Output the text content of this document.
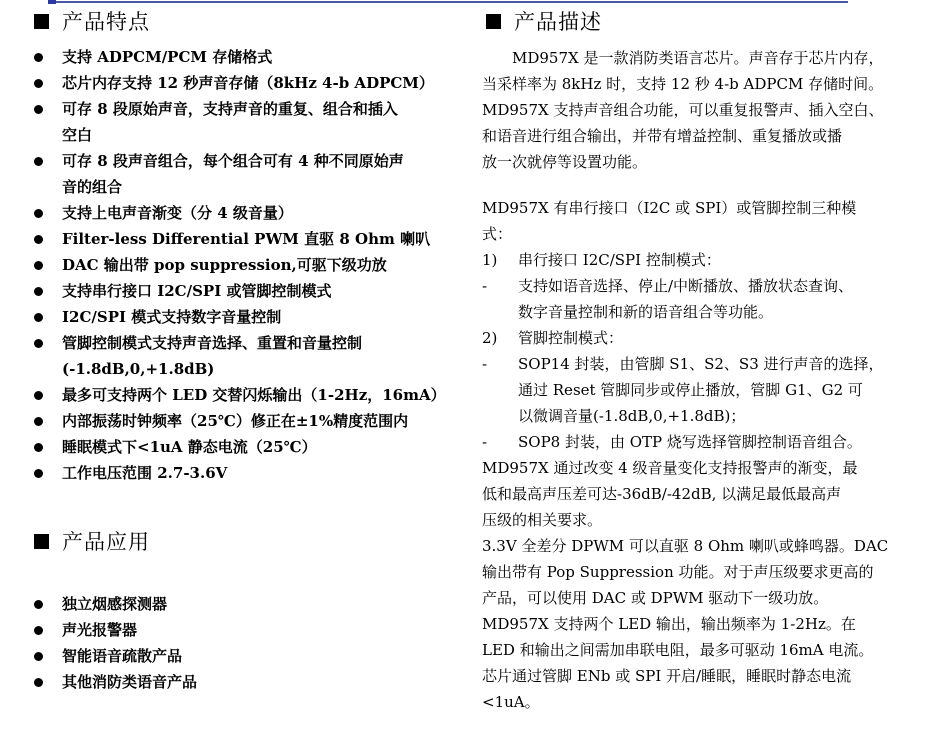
产品特点
支持 ADPCM/PCM 存储格式
芯片内存支持 12 秒声音存储（8kHz 4-b ADPCM）
可存 8 段原始声音，支持声音的重复、组合和插入
空白
可存 8 段声音组合，每个组合可有 4 种不同原始声
音的组合
支持上电声音渐变（分 4 级音量）
Filter-less Differential PWM 直驱 8 Ohm 喇叭
DAC 输出带 pop suppression,可驱下级功放
支持串行接口 I2C/SPI 或管脚控制模式
I2C/SPI 模式支持数字音量控制
管脚控制模式支持声音选择、重置和音量控制
(-1.8dB,0,+1.8dB)
最多可支持两个 LED 交替闪烁输出（1-2Hz，16mA）
内部振荡时钟频率（25℃）修正在±1%精度范围内
睡眠模式下<1uA 静态电流（25℃）
工作电压范围 2.7-3.6V
产品应用
独立烟感探测器
声光报警器
智能语音疏散产品
其他消防类语音产品
产品描述
MD957X 是一款消防类语言芯片。声音存于芯片内存，
当采样率为 8kHz 时，支持 12 秒 4-b ADPCM 存储时间。
MD957X 支持声音组合功能，可以重复报警声、插入空白、
和语音进行组合输出，并带有增益控制、重复播放或播
放一次就停等设置功能。
MD957X 有串行接口（I2C 或 SPI）或管脚控制三种模
式：
1) 串行接口 I2C/SPI 控制模式：
- 支持如语音选择、停止/中断播放、播放状态查询、
数字音量控制和新的语音组合等功能。
2) 管脚控制模式：
- SOP14 封装，由管脚 S1、S2、S3 进行声音的选择，
通过 Reset 管脚同步或停止播放，管脚 G1、G2 可
以微调音量(-1.8dB,0,+1.8dB)；
- SOP8 封装，由 OTP 烧写选择管脚控制语音组合。
MD957X 通过改变 4 级音量变化支持报警声的渐变，最
低和最高声压差可达-36dB/-42dB, 以满足最低最高声
压级的相关要求。
3.3V 全差分 DPWM 可以直驱 8 Ohm 喇叭或蜂鸣器。DAC
输出带有 Pop Suppression 功能。对于声压级要求更高的
产品，可以使用 DAC 或 DPWM 驱动下一级功放。
MD957X 支持两个 LED 输出，输出频率为 1-2Hz。在
LED 和输出之间需加串联电阻，最多可驱动 16mA 电流。
芯片通过管脚 ENb 或 SPI 开启/睡眠，睡眠时静态电流
<1uA。
